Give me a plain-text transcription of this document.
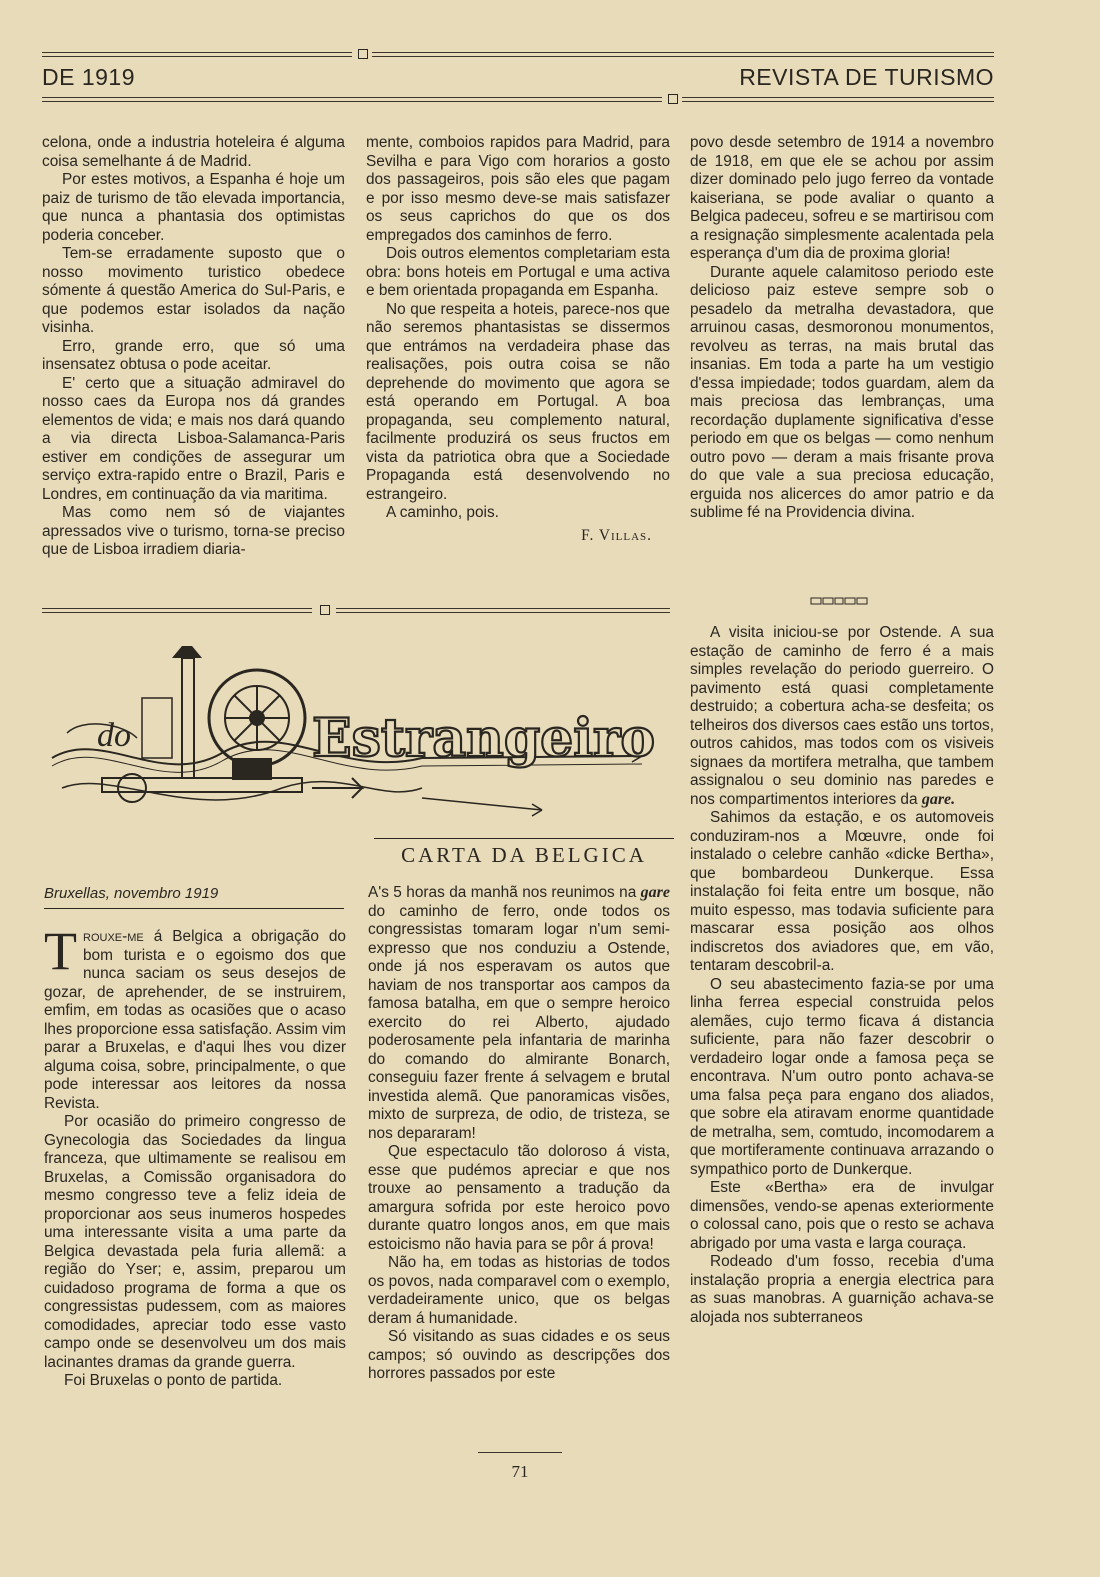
DE 1919	REVISTA DE TURISMO

celona, onde a industria hoteleira é alguma coisa semelhante á de Madrid.

Por estes motivos, a Espanha é hoje um paiz de turismo de tão elevada importancia, que nunca a phantasia dos optimistas poderia conceber.

Tem-se erradamente suposto que o nosso movimento turistico obedece sómente á questão America do Sul-Paris, e que podemos estar isolados da nação visinha.

Erro, grande erro, que só uma insensatez obtusa o pode aceitar.

E' certo que a situação admiravel do nosso caes da Europa nos dá grandes elementos de vida; e mais nos dará quando a via directa Lisboa-Salamanca-Paris estiver em condições de assegurar um serviço extra-rapido entre o Brazil, Paris e Londres, em continuação da via maritima.

Mas como nem só de viajantes apressados vive o turismo, torna-se preciso que de Lisboa irradiem diaria-

mente, comboios rapidos para Madrid, para Sevilha e para Vigo com horarios a gosto dos passageiros, pois são eles que pagam e por isso mesmo deve-se mais satisfazer os seus caprichos do que os dos empregados dos caminhos de ferro.

Dois outros elementos completariam esta obra: bons hoteis em Portugal e uma activa e bem orientada propaganda em Espanha.

No que respeita a hoteis, parece-nos que não seremos phantasistas se dissermos que entrámos na verdadeira phase das realisações, pois outra coisa se não deprehende do movimento que agora se está operando em Portugal. A boa propaganda, seu complemento natural, facilmente produzirá os seus fructos em vista da patriotica obra que a Sociedade Propaganda está desenvolvendo no estrangeiro.

A caminho, pois.

F. Villas.

povo desde setembro de 1914 a novembro de 1918, em que ele se achou por assim dizer dominado pelo jugo ferreo da vontade kaiseriana, se pode avaliar o quanto a Belgica padeceu, sofreu e se martirisou com a resignação simplesmente acalentada pela esperança d'um dia de proxima gloria!

Durante aquele calamitoso periodo este delicioso paiz esteve sempre sob o pesadelo da metralha devastadora, que arruinou casas, desmoronou monumentos, revolveu as terras, na mais brutal das insanias. Em toda a parte ha um vestigio d'essa impiedade; todos guardam, alem da mais preciosa das lembranças, uma recordação duplamente significativa d'esse periodo em que os belgas — como nenhum outro povo — deram a mais frisante prova do que vale a sua preciosa educação, erguida nos alicerces do amor patrio e da sublime fé na Providencia divina.

do	Estrangeiro
CARTA DA BELGICA
Bruxellas, novembro 1919

Trouxe-me á Belgica a obrigação do bom turista e o egoismo dos que nunca saciam os seus desejos de gozar, de aprehender, de se instruirem, emfim, em todas as ocasiões que o acaso lhes proporcione essa satisfação. Assim vim parar a Bruxelas, e d'aqui lhes vou dizer alguma coisa, sobre, principalmente, o que pode interessar aos leitores da nossa Revista.

Por ocasião do primeiro congresso de Gynecologia das Sociedades da lingua franceza, que ultimamente se realisou em Bruxelas, a Comissão organisadora do mesmo congresso teve a feliz ideia de proporcionar aos seus inumeros hospedes uma interessante visita a uma parte da Belgica devastada pela furia allemã: a região do Yser; e, assim, preparou um cuidadoso programa de forma a que os congressistas pudessem, com as maiores comodidades, apreciar todo esse vasto campo onde se desenvolveu um dos mais lacinantes dramas da grande guerra.

Foi Bruxelas o ponto de partida.

A's 5 horas da manhã nos reunimos na gare do caminho de ferro, onde todos os congressistas tomaram logar n'um semi-expresso que nos conduziu a Ostende, onde já nos esperavam os autos que haviam de nos transportar aos campos da famosa batalha, em que o sempre heroico exercito do rei Alberto, ajudado poderosamente pela infantaria de marinha do comando do almirante Bonarch, conseguiu fazer frente á selvagem e brutal investida alemã. Que panoramicas visões, mixto de surpreza, de odio, de tristeza, se nos depararam!

Que espectaculo tão doloroso á vista, esse que pudémos apreciar e que nos trouxe ao pensamento a tradução da amargura sofrida por este heroico povo durante quatro longos anos, em que mais estoicismo não havia para se pôr á prova!

Não ha, em todas as historias de todos os povos, nada comparavel com o exemplo, verdadeiramente unico, que os belgas deram á humanidade.

Só visitando as suas cidades e os seus campos; só ouvindo as descripções dos horrores passados por este

A visita iniciou-se por Ostende. A sua estação de caminho de ferro é a mais simples revelação do periodo guerreiro. O pavimento está quasi completamente destruido; a cobertura acha-se desfeita; os telheiros dos diversos caes estão uns tortos, outros cahidos, mas todos com os visiveis signaes da mortifera metralha, que tambem assignalou o seu dominio nas paredes e nos compartimentos interiores da gare.

Sahimos da estação, e os automoveis conduziram-nos a Mœuvre, onde foi instalado o celebre canhão «dicke Bertha», que bombardeou Dunkerque. Essa instalação foi feita entre um bosque, não muito espesso, mas todavia suficiente para mascarar essa posição aos olhos indiscretos dos aviadores que, em vão, tentaram descobril-a.

O seu abastecimento fazia-se por uma linha ferrea especial construida pelos alemães, cujo termo ficava á distancia suficiente, para não fazer descobrir o verdadeiro logar onde a famosa peça se encontrava. N'um outro ponto achava-se uma falsa peça para engano dos aliados, que sobre ela atiravam enorme quantidade de metralha, sem, comtudo, incomodarem a que mortiferamente continuava arrazando o sympathico porto de Dunkerque.

Este «Bertha» era de invulgar dimensões, vendo-se apenas exteriormente o colossal cano, pois que o resto se achava abrigado por uma vasta e larga couraça.

Rodeado d'um fosso, recebia d'uma instalação propria a energia electrica para as suas manobras. A guarnição achava-se alojada nos subterraneos

71
